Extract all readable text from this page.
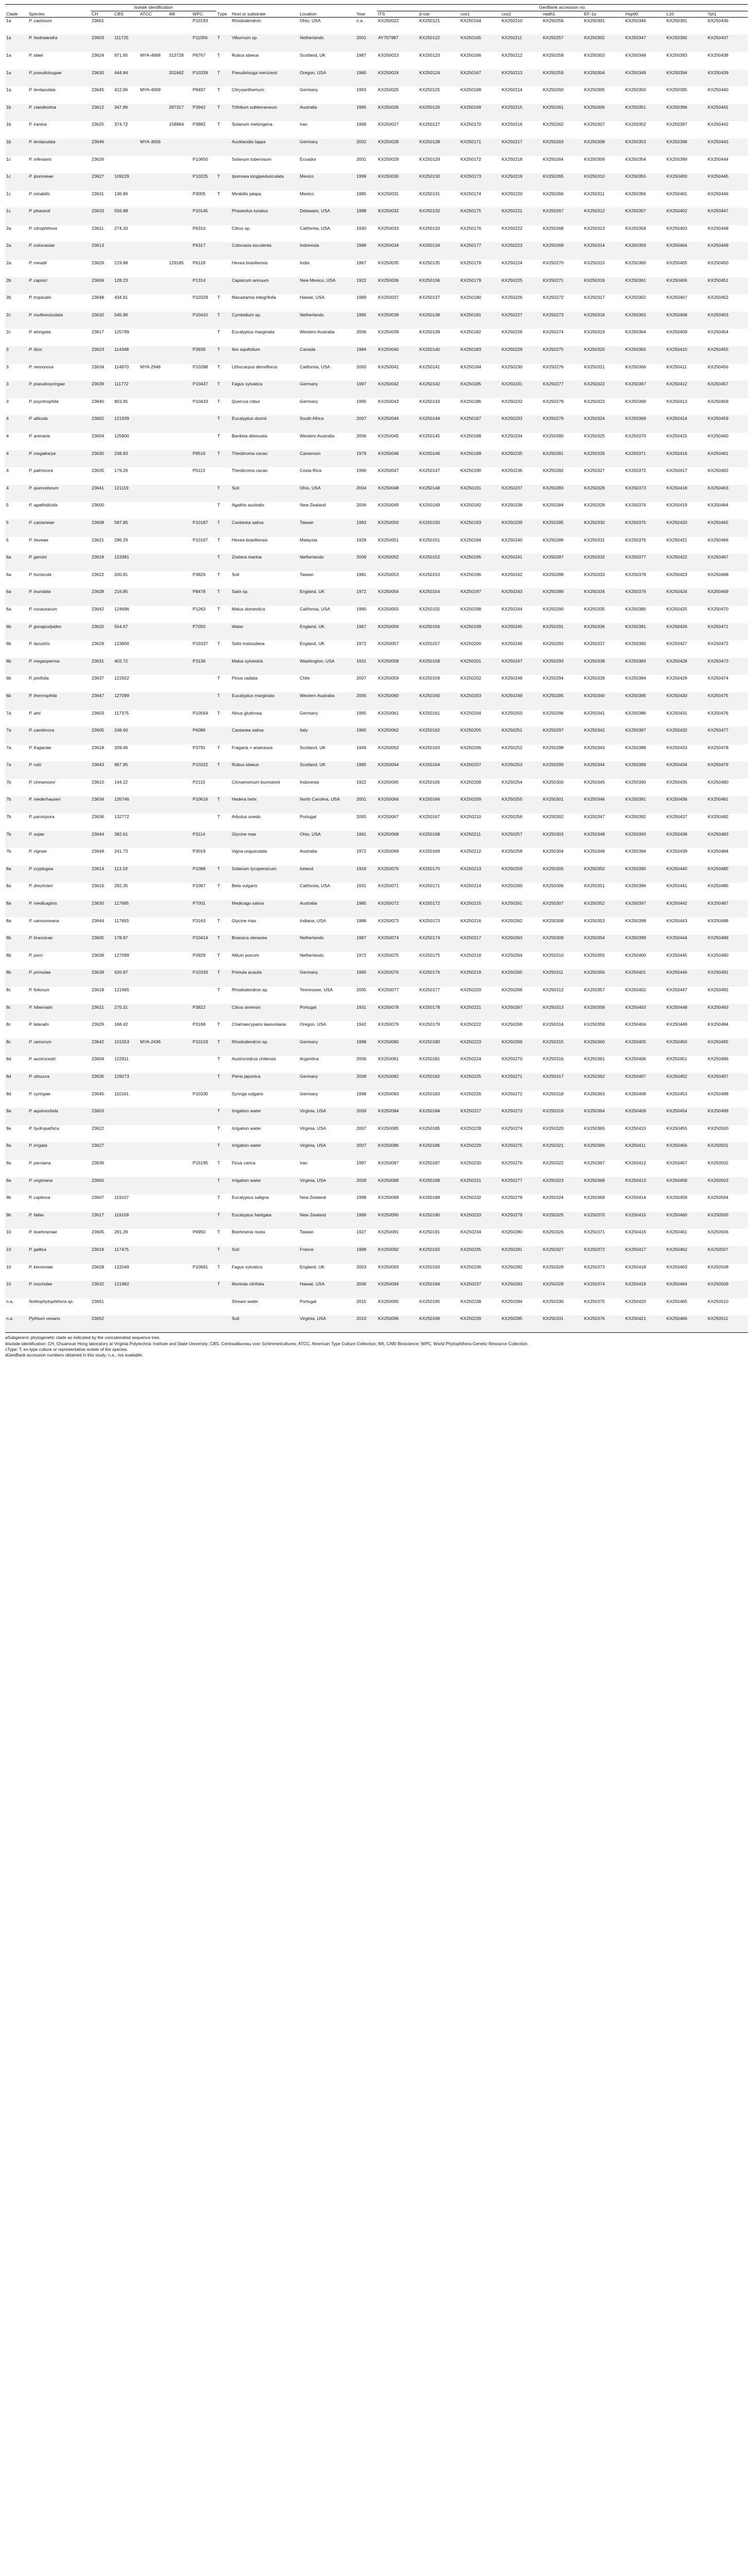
		Isolate identification									GenBank accession no.								
Clade	Species	CH	CBS	ATCC	IMI	WPC	Type	Host or substrate	Location	Year	ITS	β-tub	cox1	cox2	nadh1	EF-1α	Hsp90	L10	Ypt1
1a	P. cactorum	23601				P10193		Rhododendron	Ohio, USA	n.a.	KX250022	KX250121	KX250164	KX250210	KX250256	KX250301	KX250346	KX250391	KX250436
1a	P. hedraiandra	23603	111725			P11056	T	Viburnum sp.	Netherlands	2001	AY707987	KX250122	KX250165	KX250211	KX250257	KX250302	KX250347	KX250392	KX250437
1a	P. idaei	23624	971.95	MYA-4068	313728	P6767	T	Rubus idaeus	Scotland, UK	1987	KX250023	KX250123	KX250166	KX250212	KX250258	KX250303	KX250348	KX250393	KX250438
1a	P. pseudotsugae	23630	444.84		331662	P10339	T	Pseudotsuga menziesii	Oregon, USA	1980	KX250024	KX250124	KX250167	KX250213	KX250259	KX250304	KX250349	KX250394	KX250439
1a	P. tentaculata	23645	412.96	MYA-4069		P8497	T	Chrysanthemum	Germany	1993	KX250025	KX250125	KX250168	KX250214	KX250260	KX250305	KX250350	KX250395	KX250440
1b	P. clandestina	23612	347.86		287317	P3942	T	Trifolium subterraneum	Australia	1985	KX250026	KX250126	KX250169	KX250215	KX250261	KX250306	KX250351	KX250396	KX250441
1b	P. iranica	23625	374.72		158964	P3882	T	Solanum melongena	Iran	1969	KX250027	KX250127	KX250170	KX250216	KX250262	KX250307	KX250352	KX250397	KX250442
1b	P. tentaculata	23646		MYA-3656				Aucklandia lappa	Germany	2002	KX250028	KX250128	KX250171	KX250217	KX250263	KX250308	KX250353	KX250398	KX250443
1c	P. infestans	23626				P10650		Solanum tuberosum	Ecuador	2001	KX250029	KX250129	KX250172	KX250218	KX250264	KX250309	KX250354	KX250399	KX250444
1c	P. ipomoeae	23627	109229			P10225	T	Ipomoea longipedunculata	Mexico	1999	KX250030	KX250130	KX250173	KX250219	KX250265	KX250310	KX250355	KX250400	KX250445
1c	P. mirabilis	23631	136.86			P3005	T	Mirabilis jalapa	Mexico	1985	KX250031	KX250131	KX250174	KX250220	KX250266	KX250311	KX250356	KX250401	KX250446
1c	P. phaseoli	23633	556.88			P10145		Phaseolus lunatus	Delaware, USA	1988	KX250032	KX250132	KX250175	KX250221	KX250267	KX250312	KX250357	KX250402	KX250447
2a	P. citrophthora	23611	274.33			P6310		Citrus sp.	California, USA	1930	KX250033	KX250133	KX250176	KX250222	KX250268	KX250313	KX250358	KX250403	KX250448
2a	P. colocasiae	23613				P6317		Colocasia esculenta	Indonesia	1988	KX250034	KX250134	KX250177	KX250223	KX250269	KX250314	KX250359	KX250404	KX250449
2a	P. meadii	23629	219.88		129185	P6128		Hevea brasiliensis	India	1967	KX250035	KX250135	KX250178	KX250224	KX250270	KX250315	KX250360	KX250405	KX250450
2b	P. capsici	23606	128.23			P1314		Capsicum annuum	New Mexico, USA	1922	KX250036	KX250136	KX250179	KX250225	KX250271	KX250316	KX250361	KX250406	KX250451
2b	P. tropicalis	23648	434.91			P10329	T	Macadamia integrifolia	Hawaii, USA	1989	KX250037	KX250137	KX250180	KX250226	KX250272	KX250317	KX250362	KX250407	KX250452
2c	P. multivesiculata	23632	545.96			P10410	T	Cymbidium sp.	Netherlands	1995	KX250038	KX250138	KX250181	KX250227	KX250273	KX250318	KX250363	KX250408	KX250453
2c	P. elongata	23617	125799				T	Eucalyptus marginata	Western Australia	2006	KX250039	KX250139	KX250182	KX250228	KX250274	KX250319	KX250364	KX250409	KX250454
3	P. ilicis	23623	114348			P3939	T	Ilex aquifolium	Canada	1984	KX250040	KX250140	KX250183	KX250229	KX250275	KX250320	KX250365	KX250410	KX250455
3	P. nemorosa	23634	114870	MYA-2948		P10288	T	Lithocarpus densiflorus	California, USA	2000	KX250041	KX250141	KX250184	KX250230	KX250276	KX250321	KX250366	KX250411	KX250456
3	P. pseudosyringae	23639	111772			P10437	T	Fagus sylvatica	Germany	1997	KX250042	KX250142	KX250185	KX250231	KX250277	KX250322	KX250367	KX250412	KX250457
3	P. psychrophila	23640	803.95			P10433	T	Quercus robur	Germany	1995	KX250043	KX250143	KX250186	KX250232	KX250278	KX250323	KX250368	KX250413	KX250458
4	P. alticola	23602	121939				T	Eucalyptus dunnii	South Africa	2007	KX250044	KX250144	KX250187	KX250233	KX250279	KX250324	KX250369	KX250414	KX250459
4	P. arenaria	23604	125800				T	Banksia attenuata	Western Australia	2006	KX250045	KX250145	KX250188	KX250234	KX250280	KX250325	KX250370	KX250415	KX250460
4	P. megakarya	23630	238.83			P8516	T	Theobroma cacao	Cameroon	1979	KX250046	KX250146	KX250189	KX250235	KX250281	KX250326	KX250371	KX250416	KX250461
4	P. palmivora	23635	179.26			P0113		Theobroma cacao	Costa Rica	1990	KX250047	KX250147	KX250190	KX250236	KX250282	KX250327	KX250372	KX250417	KX250462
4	P. quercetorum	23641	121119				T	Soil	Ohio, USA	2004	KX250048	KX250148	KX250191	KX250237	KX250283	KX250328	KX250373	KX250418	KX250463
5	P. agathidicida	23600					T	Agathis australis	New Zealand	2006	KX250049	KX250149	KX250192	KX250238	KX250284	KX250329	KX250374	KX250419	KX250464
5	P. castaneae	23608	587.85			P10187	T	Castanea sativa	Taiwan	1983	KX250050	KX250150	KX250193	KX250239	KX250285	KX250330	KX250375	KX250420	KX250465
5	P. heveae	23621	296.29			P10167	T	Hevea brasiliensis	Malaysia	1929	KX250051	KX250151	KX250194	KX250240	KX250286	KX250331	KX250376	KX250421	KX250466
6a	P. gemini	23619	123381				T	Zostera marina	Netherlands	2009	KX250052	KX250152	KX250195	KX250241	KX250287	KX250332	KX250377	KX250422	KX250467
6a	P. humicola	23622	200.81			P3826	T	Soil	Taiwan	1981	KX250053	KX250153	KX250196	KX250242	KX250288	KX250333	KX250378	KX250423	KX250468
6a	P. inundata	23628	216.85			P8478	T	Salix sp.	England, UK	1972	KX250054	KX250154	KX250197	KX250243	KX250289	KX250334	KX250379	KX250424	KX250469
6a	P. rosacearum	23642	124696			P1263	T	Malus domestica	California, USA	1990	KX250055	KX250155	KX250198	KX250244	KX250290	KX250335	KX250380	KX250425	KX250470
6b	P. gonapodyides	23620	554.67			P7050		Water	England, UK	1967	KX250056	KX250156	KX250199	KX250245	KX250291	KX250336	KX250381	KX250426	KX250471
6b	P. lacustris	23629	123800			P10337	T	Salix matsudana	England, UK	1972	KX250057	KX250157	KX250200	KX250246	KX250292	KX250337	KX250382	KX250427	KX250472
6b	P. megasperma	23631	402.72			P3136		Malus sylvestris	Washington, USA	1931	KX250058	KX250158	KX250201	KX250247	KX250293	KX250338	KX250383	KX250428	KX250473
6b	P. pinifolia	23637	122922				T	Pinus radiata	Chile	2007	KX250059	KX250159	KX250202	KX250248	KX250294	KX250339	KX250384	KX250429	KX250474
6b	P. thermophila	23647	127099				T	Eucalyptus marginata	Western Australia	2005	KX250060	KX250160	KX250203	KX250249	KX250295	KX250340	KX250385	KX250430	KX250475
7a	P. alni	23603	117375			P10564	T	Alnus glutinosa	Germany	1995	KX250061	KX250161	KX250204	KX250250	KX250296	KX250341	KX250386	KX250431	KX250476
7a	P. cambivora	23605	248.60			P6086		Castanea sativa	Italy	1960	KX250062	KX250162	KX250205	KX250251	KX250297	KX250342	KX250387	KX250432	KX250477
7a	P. fragariae	23618	209.46			P3791	T	Fragaria × ananassa	Scotland, UK	1946	KX250063	KX250163	KX250206	KX250252	KX250298	KX250343	KX250388	KX250433	KX250478
7a	P. rubi	23643	967.95			P10322	T	Rubus idaeus	Scotland, UK	1985	KX250064	KX250164	KX250207	KX250253	KX250299	KX250344	KX250389	KX250434	KX250479
7b	P. cinnamomi	23610	144.22			P2110		Cinnamomum burmannii	Indonesia	1922	KX250065	KX250165	KX250208	KX250254	KX250300	KX250345	KX250390	KX250435	KX250480
7b	P. niederhauseri	23634	135746			P10616	T	Hedera helix	North Carolina, USA	2001	KX250066	KX250166	KX250209	KX250255	KX250301	KX250346	KX250391	KX250436	KX250481
7b	P. parvispora	23636	132772				T	Arbutus unedo	Portugal	2005	KX250067	KX250167	KX250210	KX250256	KX250302	KX250347	KX250392	KX250437	KX250482
7b	P. sojae	23644	382.61			P3114		Glycine max	Ohio, USA	1961	KX250068	KX250168	KX250211	KX250257	KX250303	KX250348	KX250393	KX250438	KX250483
7b	P. vignae	23649	241.73			P3019		Vigna unguiculata	Australia	1972	KX250069	KX250169	KX250212	KX250258	KX250304	KX250349	KX250394	KX250439	KX250484
8a	P. cryptogea	23614	113.19			P1088	T	Solanum lycopersicum	Ireland	1919	KX250070	KX250170	KX250213	KX250259	KX250305	KX250350	KX250395	KX250440	KX250485
8a	P. drechsleri	23616	292.35			P1087	T	Beta vulgaris	California, USA	1931	KX250071	KX250171	KX250214	KX250260	KX250306	KX250351	KX250396	KX250441	KX250486
8a	P. medicaginis	23630	117685			P7001		Medicago sativa	Australia	1985	KX250072	KX250172	KX250215	KX250261	KX250307	KX250352	KX250397	KX250442	KX250487
8a	P. sansomeana	23644	117693			P3163	T	Glycine max	Indiana, USA	1986	KX250073	KX250173	KX250216	KX250262	KX250308	KX250353	KX250398	KX250443	KX250488
8b	P. brassicae	23605	178.87			P10414	T	Brassica oleracea	Netherlands	1987	KX250074	KX250174	KX250217	KX250263	KX250309	KX250354	KX250399	KX250444	KX250489
8b	P. porri	23638	127099			P3929	T	Allium porrum	Netherlands	1972	KX250075	KX250175	KX250218	KX250264	KX250310	KX250355	KX250400	KX250445	KX250490
8b	P. primulae	23639	620.97			P10333	T	Primula acaulis	Germany	1995	KX250076	KX250176	KX250219	KX250265	KX250311	KX250356	KX250401	KX250446	KX250491
8c	P. foliorum	23618	121665				T	Rhododendron sp.	Tennessee, USA	2005	KX250077	KX250177	KX250220	KX250266	KX250312	KX250357	KX250402	KX250447	KX250492
8c	P. hibernalis	23621	270.31			P3822		Citrus sinensis	Portugal	1931	KX250078	KX250178	KX250221	KX250267	KX250313	KX250358	KX250403	KX250448	KX250493
8c	P. lateralis	23629	168.42			P3168	T	Chamaecyparis lawsoniana	Oregon, USA	1942	KX250079	KX250179	KX250222	KX250268	KX250314	KX250359	KX250404	KX250449	KX250494
8c	P. ramorum	23642	101553	MYA-2436		P10103	T	Rhododendron sp.	Germany	1998	KX250080	KX250180	KX250223	KX250269	KX250315	KX250360	KX250405	KX250450	KX250495
8d	P. austrocedri	23604	122911				T	Austrocedrus chilensis	Argentina	2006	KX250081	KX250181	KX250224	KX250270	KX250316	KX250361	KX250406	KX250451	KX250496
8d	P. obscura	23635	129273				T	Pieris japonica	Germany	2008	KX250082	KX250182	KX250225	KX250271	KX250317	KX250362	KX250407	KX250452	KX250497
8d	P. syringae	23645	110161			P10330		Syringa vulgaris	Germany	1998	KX250083	KX250183	KX250226	KX250272	KX250318	KX250363	KX250408	KX250453	KX250498
9a	P. aquimorbida	23603					T	Irrigation water	Virginia, USA	2009	KX250084	KX250184	KX250227	KX250273	KX250319	KX250364	KX250409	KX250454	KX250499
9a	P. hydropathica	23622					T	Irrigation water	Virginia, USA	2007	KX250085	KX250185	KX250228	KX250274	KX250320	KX250365	KX250410	KX250455	KX250500
9a	P. irrigata	23627					T	Irrigation water	Virginia, USA	2007	KX250086	KX250186	KX250229	KX250275	KX250321	KX250366	KX250411	KX250456	KX250501
9a	P. parsiana	23636				P15195	T	Ficus carica	Iran	1997	KX250087	KX250187	KX250230	KX250276	KX250322	KX250367	KX250412	KX250457	KX250502
9a	P. virginiana	23650					T	Irrigation water	Virginia, USA	2009	KX250088	KX250188	KX250231	KX250277	KX250323	KX250368	KX250413	KX250458	KX250503
9b	P. captiosa	23607	119107				T	Eucalyptus saligna	New Zealand	1998	KX250089	KX250189	KX250232	KX250278	KX250324	KX250369	KX250414	KX250459	KX250504
9b	P. fallax	23617	119109				T	Eucalyptus fastigata	New Zealand	1999	KX250090	KX250190	KX250233	KX250279	KX250325	KX250370	KX250415	KX250460	KX250505
10	P. boehmeriae	23605	291.29			P6950	T	Boehmeria nivea	Taiwan	1927	KX250091	KX250191	KX250234	KX250280	KX250326	KX250371	KX250416	KX250461	KX250506
10	P. gallica	23619	117475				T	Soil	France	1998	KX250092	KX250192	KX250235	KX250281	KX250327	KX250372	KX250417	KX250462	KX250507
10	P. kernoviae	23628	122049			P10681	T	Fagus sylvatica	England, UK	2003	KX250093	KX250193	KX250236	KX250282	KX250328	KX250373	KX250418	KX250463	KX250508
10	P. morindae	23632	121982				T	Morinda citrifolia	Hawaii, USA	2006	KX250094	KX250194	KX250237	KX250283	KX250329	KX250374	KX250419	KX250464	KX250509
n.a.	Nothophytophthora sp.	23651						Stream water	Portugal	2015	KX250095	KX250195	KX250238	KX250284	KX250330	KX250375	KX250420	KX250465	KX250510
n.a.	Pythium vexans	23652						Soil	Virginia, USA	2010	KX250096	KX250196	KX250239	KX250285	KX250331	KX250376	KX250421	KX250466	KX250511
aSubgeneric phylogenetic clade as indicated by the concatenated sequence tree.
bIsolate identification: CH, Chuanxue Hong laboratory at Virginia Polytechnic Institute and State University; CBS, Centraalbureau voor Schimmelcultures; ATCC, American Type Culture Collection; IMI, CABI Bioscience; WPC, World Phytophthora Genetic Resource Collection.
cType: T, ex-type culture or representative isolate of the species.
dGenBank accession numbers obtained in this study; n.a., not available.
